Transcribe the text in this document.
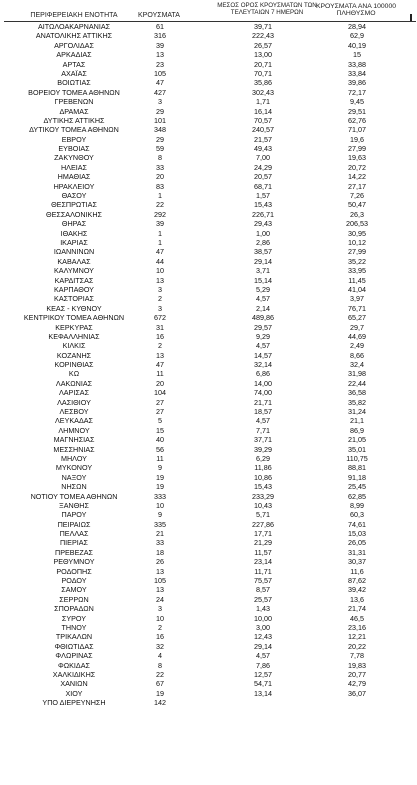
ΠΕΡΙΦΕΡΕΙΑΚΗ ΕΝΟΤΗΤΑ	ΚΡΟΥΣΜΑΤΑ
ΜΕΣΟΣ ΟΡΟΣ ΚΡΟΥΣΜΑΤΩΝ ΤΩΝ ΤΕΛΕΥΤΑΙΩΝ 7 ΗΜΕΡΩΝ
ΚΡΟΥΣΜΑΤΑ ΑΝΑ 100000 ΠΛΗΘΥΣΜΟ
ΑΙΤΩΛΟΑΚΑΡΝΑΝΙΑΣ	61	39,71	28,94
ΑΝΑΤΟΛΙΚΗΣ ΑΤΤΙΚΗΣ	316	222,43	62,9
ΑΡΓΟΛΙΔΑΣ	39	26,57	40,19
ΑΡΚΑΔΙΑΣ	13	13,00	15
ΑΡΤΑΣ	23	20,71	33,88
ΑΧΑΪΑΣ	105	70,71	33,84
ΒΟΙΩΤΙΑΣ	47	35,86	39,86
ΒΟΡΕΙΟΥ ΤΟΜΕΑ ΑΘΗΝΩΝ	427	302,43	72,17
ΓΡΕΒΕΝΩΝ	3	1,71	9,45
ΔΡΑΜΑΣ	29	16,14	29,51
ΔΥΤΙΚΗΣ ΑΤΤΙΚΗΣ	101	70,57	62,76
ΔΥΤΙΚΟΥ ΤΟΜΕΑ ΑΘΗΝΩΝ	348	240,57	71,07
ΕΒΡΟΥ	29	21,57	19,6
ΕΥΒΟΙΑΣ	59	49,43	27,99
ΖΑΚΥΝΘΟΥ	8	7,00	19,63
ΗΛΕΙΑΣ	33	24,29	20,72
ΗΜΑΘΙΑΣ	20	20,57	14,22
ΗΡΑΚΛΕΙΟΥ	83	68,71	27,17
ΘΑΣΟΥ	1	1,57	7,26
ΘΕΣΠΡΩΤΙΑΣ	22	15,43	50,47
ΘΕΣΣΑΛΟΝΙΚΗΣ	292	226,71	26,3
ΘΗΡΑΣ	39	29,43	206,53
ΙΘΑΚΗΣ	1	1,00	30,95
ΙΚΑΡΙΑΣ	1	2,86	10,12
ΙΩΑΝΝΙΝΩΝ	47	38,57	27,99
ΚΑΒΑΛΑΣ	44	29,14	35,22
ΚΑΛΥΜΝΟΥ	10	3,71	33,95
ΚΑΡΔΙΤΣΑΣ	13	15,14	11,45
ΚΑΡΠΑΘΟΥ	3	5,29	41,04
ΚΑΣΤΟΡΙΑΣ	2	4,57	3,97
ΚΕΑΣ - ΚΥΘΝΟΥ	3	2,14	76,71
ΚΕΝΤΡΙΚΟΥ ΤΟΜΕΑ ΑΘΗΝΩΝ	672	489,86	65,27
ΚΕΡΚΥΡΑΣ	31	29,57	29,7
ΚΕΦΑΛΛΗΝΙΑΣ	16	9,29	44,69
ΚΙΛΚΙΣ	2	4,57	2,49
ΚΟΖΑΝΗΣ	13	14,57	8,66
ΚΟΡΙΝΘΙΑΣ	47	32,14	32,4
ΚΩ	11	6,86	31,98
ΛΑΚΩΝΙΑΣ	20	14,00	22,44
ΛΑΡΙΣΑΣ	104	74,00	36,58
ΛΑΣΙΘΙΟΥ	27	21,71	35,82
ΛΕΣΒΟΥ	27	18,57	31,24
ΛΕΥΚΑΔΑΣ	5	4,57	21,1
ΛΗΜΝΟΥ	15	7,71	86,9
ΜΑΓΝΗΣΙΑΣ	40	37,71	21,05
ΜΕΣΣΗΝΙΑΣ	56	39,29	35,01
ΜΗΛΟΥ	11	6,29	110,75
ΜΥΚΟΝΟΥ	9	11,86	88,81
ΝΑΞΟΥ	19	10,86	91,18
ΝΗΣΩΝ	19	15,43	25,45
ΝΟΤΙΟΥ ΤΟΜΕΑ ΑΘΗΝΩΝ	333	233,29	62,85
ΞΑΝΘΗΣ	10	10,43	8,99
ΠΑΡΟΥ	9	5,71	60,3
ΠΕΙΡΑΙΩΣ	335	227,86	74,61
ΠΕΛΛΑΣ	21	17,71	15,03
ΠΙΕΡΙΑΣ	33	21,29	26,05
ΠΡΕΒΕΖΑΣ	18	11,57	31,31
ΡΕΘΥΜΝΟΥ	26	23,14	30,37
ΡΟΔΟΠΗΣ	13	11,71	11,6
ΡΟΔΟΥ	105	75,57	87,62
ΣΑΜΟΥ	13	8,57	39,42
ΣΕΡΡΩΝ	24	25,57	13,6
ΣΠΟΡΑΔΩΝ	3	1,43	21,74
ΣΥΡΟΥ	10	10,00	46,5
ΤΗΝΟΥ	2	3,00	23,16
ΤΡΙΚΑΛΩΝ	16	12,43	12,21
ΦΘΙΩΤΙΔΑΣ	32	29,14	20,22
ΦΛΩΡΙΝΑΣ	4	4,57	7,78
ΦΩΚΙΔΑΣ	8	7,86	19,83
ΧΑΛΚΙΔΙΚΗΣ	22	12,57	20,77
ΧΑΝΙΩΝ	67	54,71	42,79
ΧΙΟΥ	19	13,14	36,07
ΥΠΟ ΔΙΕΡΕΥΝΗΣΗ	142
